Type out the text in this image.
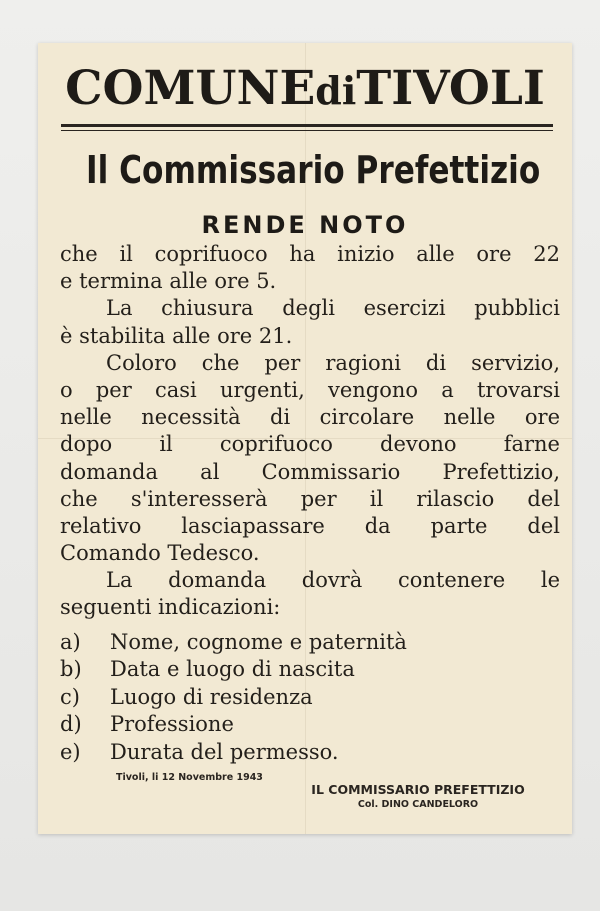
COMUNEdiTIVOLI
Il Commissario Prefettizio
RENDE NOTO
che il coprifuoco ha inizio alle ore 22
e termina alle ore 5.
La chiusura degli esercizi pubblici
è stabilita alle ore 21.
Coloro che per ragioni di servizio,
o per casi urgenti, vengono a trovarsi
nelle necessità di circolare nelle ore
dopo il coprifuoco devono farne
domanda al Commissario Prefettizio,
che s'interesserà per il rilascio del
relativo lasciapassare da parte del
Comando Tedesco.
La domanda dovrà contenere le
seguenti indicazioni:
a)	Nome, cognome e paternità
b)	Data e luogo di nascita
c)	Luogo di residenza
d)	Professione
e)	Durata del permesso.
Tivoli, li 12 Novembre 1943
IL COMMISSARIO PREFETTIZIO
Col. DINO CANDELORO
